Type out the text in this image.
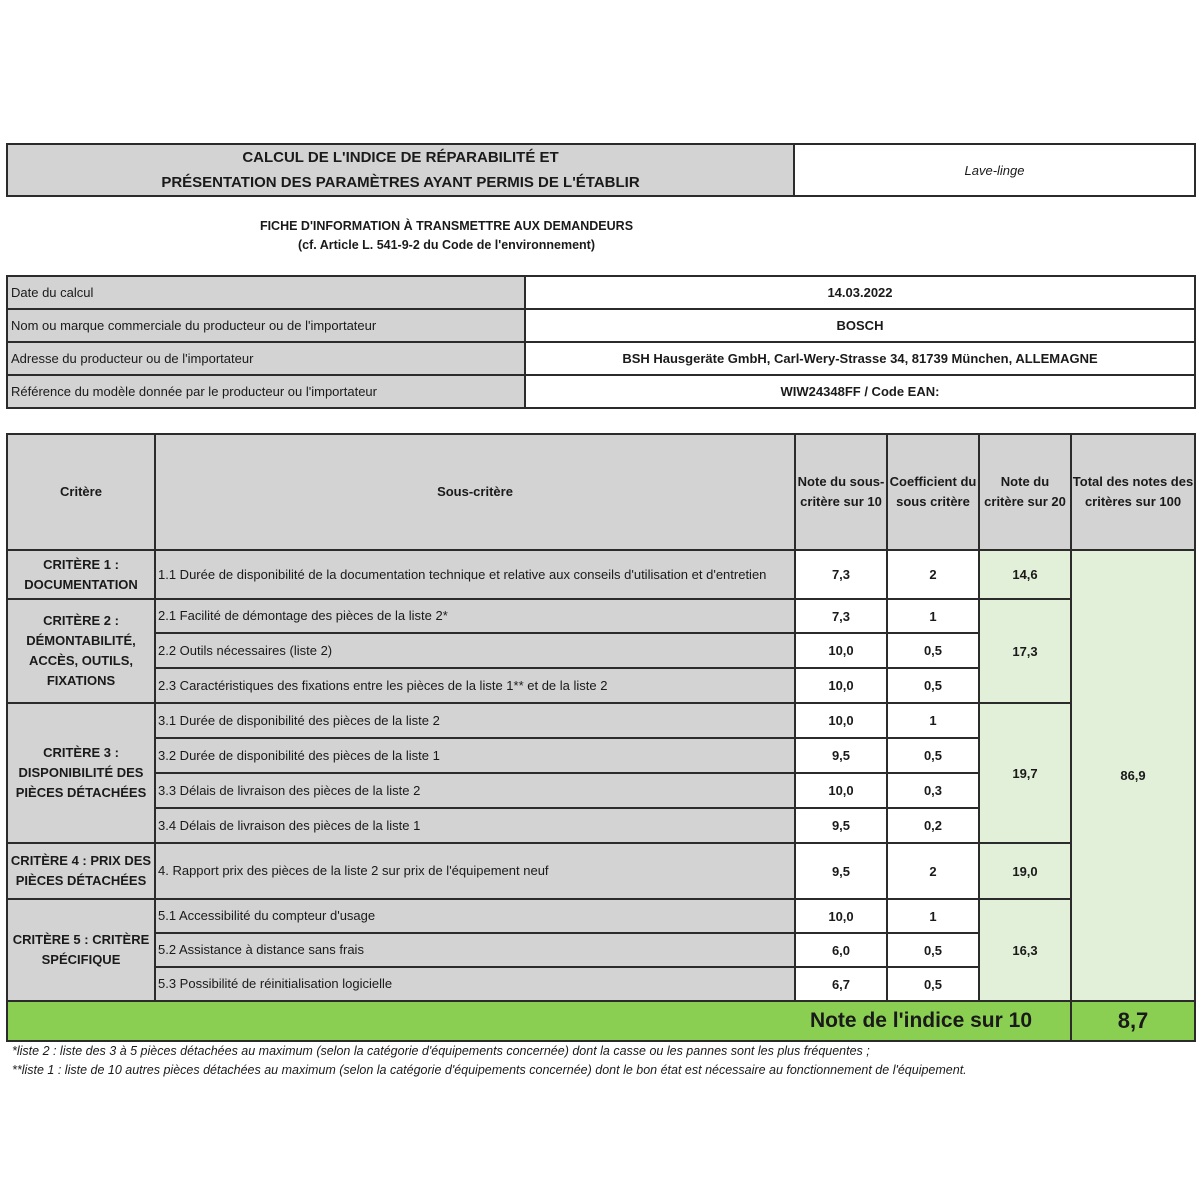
CALCUL DE L'INDICE DE RÉPARABILITÉ ET
PRÉSENTATION DES PARAMÈTRES AYANT PERMIS DE L'ÉTABLIR
	Lave-linge
FICHE D'INFORMATION À TRANSMETTRE AUX DEMANDEURS
(cf. Article L. 541-9-2 du Code de l'environnement)
Date du calcul	14.03.2022
Nom ou marque commerciale du producteur ou de l'importateur	BOSCH
Adresse du producteur ou de l'importateur	BSH Hausgeräte GmbH, Carl-Wery-Strasse 34, 81739 München, ALLEMAGNE
Référence du modèle donnée par le producteur ou l'importateur	WIW24348FF / Code EAN:
Critère	Sous-critère	Note du sous-critère sur 10	Coefficient du sous critère	Note du critère sur 20	Total des notes des critères sur 100
CRITÈRE 1 : DOCUMENTATION	1.1 Durée de disponibilité de la documentation technique et relative aux conseils d'utilisation et d'entretien	7,3	2	14,6	86,9
CRITÈRE 2 : DÉMONTABILITÉ, ACCÈS, OUTILS, FIXATIONS	2.1 Facilité de démontage des pièces de la liste 2*	7,3	1	17,3	
	2.2 Outils nécessaires (liste 2)	10,0	0,5		
	2.3 Caractéristiques des fixations entre les pièces de la liste 1** et de la liste 2	10,0	0,5		
CRITÈRE 3 : DISPONIBILITÉ DES PIÈCES DÉTACHÉES	3.1 Durée de disponibilité des pièces de la liste 2	10,0	1	19,7	
	3.2 Durée de disponibilité des pièces de la liste 1	9,5	0,5		
	3.3 Délais de livraison des pièces de la liste 2	10,0	0,3		
	3.4 Délais de livraison des pièces de la liste 1	9,5	0,2		
CRITÈRE 4 : PRIX DES PIÈCES DÉTACHÉES	4. Rapport prix des pièces de la liste 2 sur prix de l'équipement neuf	9,5	2	19,0	
CRITÈRE 5 : CRITÈRE SPÉCIFIQUE	5.1 Accessibilité du compteur d'usage	10,0	1	16,3	
	5.2 Assistance à distance sans frais	6,0	0,5		
	5.3 Possibilité de réinitialisation logicielle	6,7	0,5		
Note de l'indice sur 10					8,7
*liste 2 : liste des 3 à 5 pièces détachées au maximum (selon la catégorie d'équipements concernée) dont la casse ou les pannes sont les plus fréquentes ;
**liste 1 : liste de 10 autres pièces détachées au maximum (selon la catégorie d'équipements concernée) dont le bon état est nécessaire au fonctionnement de l'équipement.
